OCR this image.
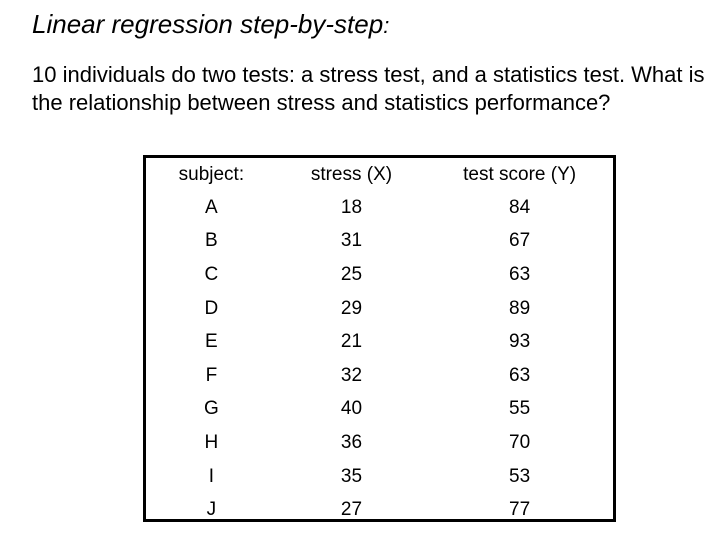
Linear regression step-by-step:
10 individuals do two tests: a stress test, and a statistics test. What is the relationship between stress and statistics performance?
subject:	stress (X)	test score (Y)
A	18	84
B	31	67
C	25	63
D	29	89
E	21	93
F	32	63
G	40	55
H	36	70
I	35	53
J	27	77
